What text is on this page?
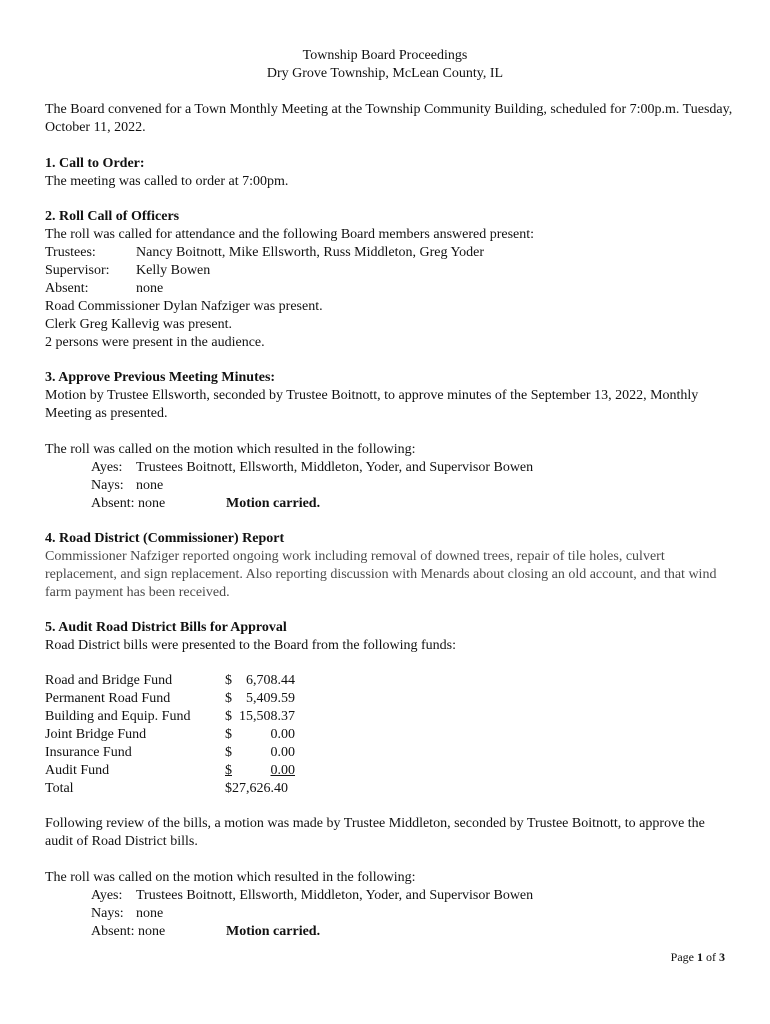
Township Board Proceedings
Dry Grove Township, McLean County, IL
The Board convened for a Town Monthly Meeting at the Township Community Building, scheduled for 7:00p.m. Tuesday, October 11, 2022.
1. Call to Order:
The meeting was called to order at 7:00pm.
2. Roll Call of Officers
The roll was called for attendance and the following Board members answered present:
Trustees:	Nancy Boitnott, Mike Ellsworth, Russ Middleton, Greg Yoder
Supervisor:	Kelly Bowen
Absent:	none
Road Commissioner Dylan Nafziger was present.
Clerk Greg Kallevig was present.
2 persons were present in the audience.
3. Approve Previous Meeting Minutes:
Motion by Trustee Ellsworth, seconded by Trustee Boitnott, to approve minutes of the September 13, 2022, Monthly Meeting as presented.
The roll was called on the motion which resulted in the following:
Ayes: Trustees Boitnott, Ellsworth, Middleton, Yoder, and Supervisor Bowen
Nays: none
Absent: none	Motion carried.
4. Road District (Commissioner) Report
Commissioner Nafziger reported ongoing work including removal of downed trees, repair of tile holes, culvert replacement, and sign replacement. Also reporting discussion with Menards about closing an old account, and that wind farm payment has been received.
5. Audit Road District Bills for Approval
Road District bills were presented to the Board from the following funds:
Road and Bridge Fund	$ 6,708.44
Permanent Road Fund	$ 5,409.59
Building and Equip. Fund	$ 15,508.37
Joint Bridge Fund	$	0.00
Insurance Fund	$	0.00
Audit Fund	$	0.00
Total	$27,626.40
Following review of the bills, a motion was made by Trustee Middleton, seconded by Trustee Boitnott, to approve the audit of Road District bills.
The roll was called on the motion which resulted in the following:
Ayes: Trustees Boitnott, Ellsworth, Middleton, Yoder, and Supervisor Bowen
Nays: none
Absent: none	Motion carried.
Page 1 of 3
